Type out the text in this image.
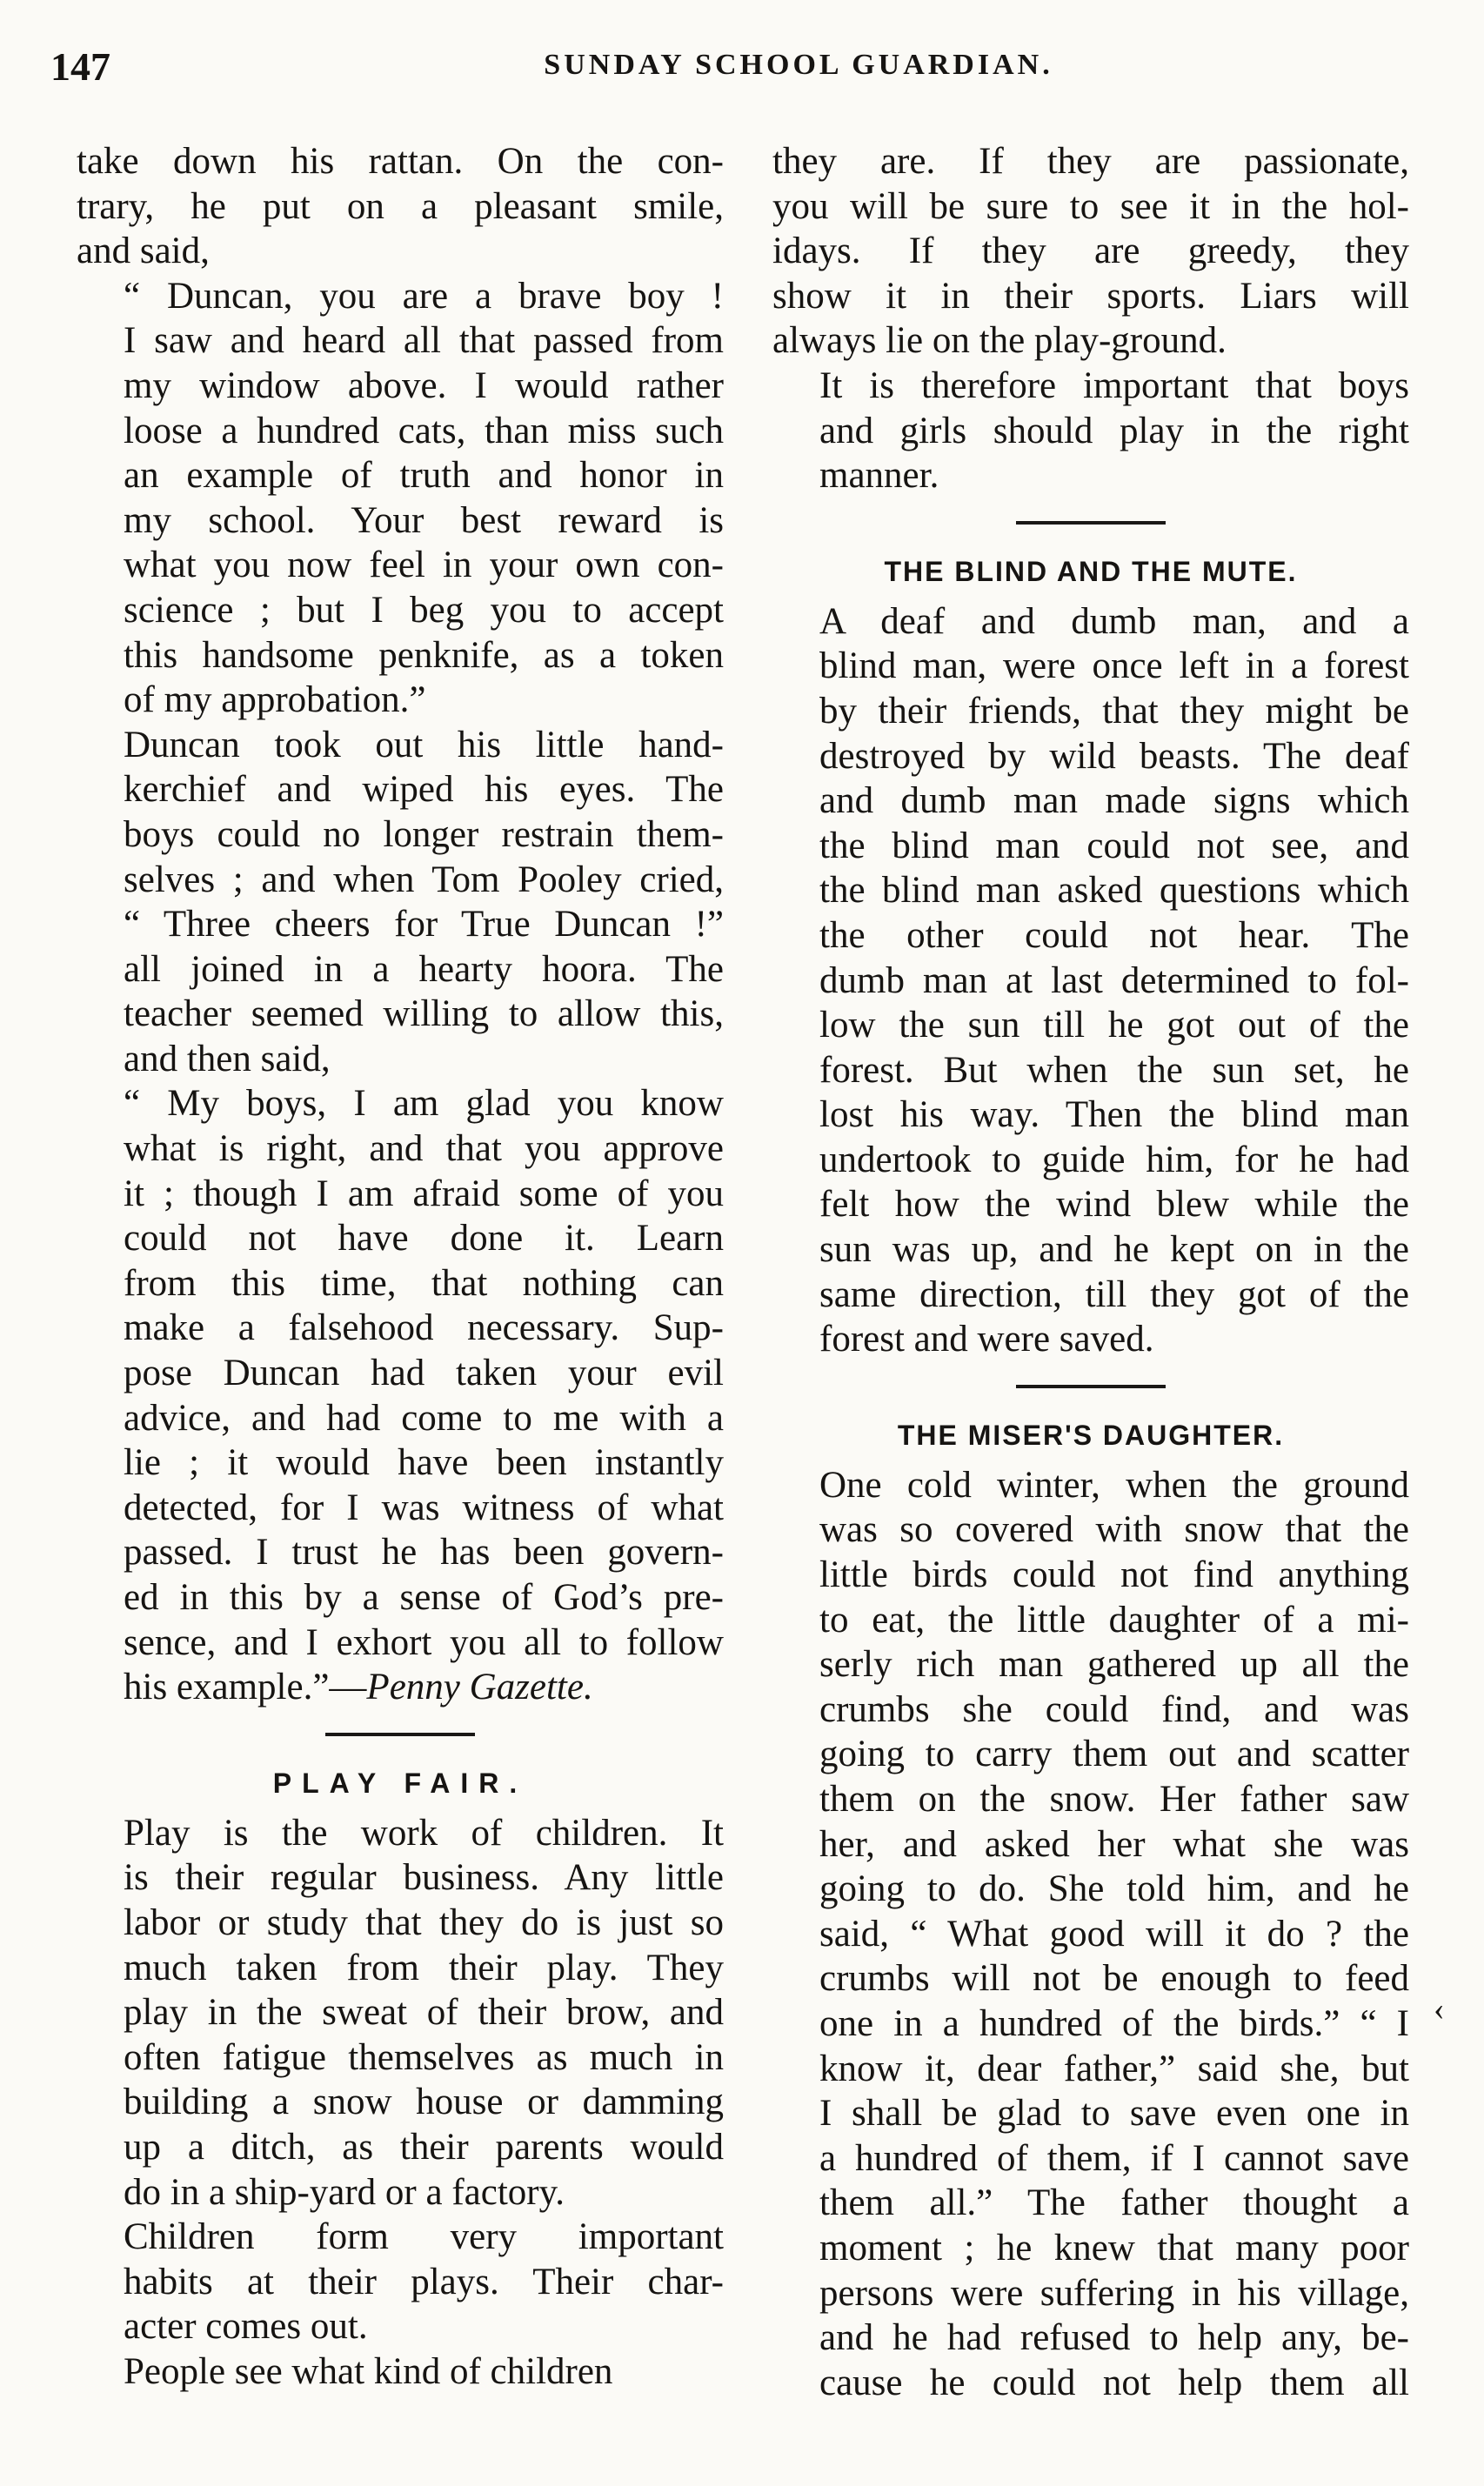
147	SUNDAY SCHOOL GUARDIAN.
take down his rattan. On the con-
trary, he put on a pleasant smile,
and said,
“ Duncan, you are a brave boy !
I saw and heard all that passed from
my window above. I would rather
loose a hundred cats, than miss such
an example of truth and honor in
my school. Your best reward is
what you now feel in your own con-
science ; but I beg you to accept
this handsome penknife, as a token
of my approbation.”
Duncan took out his little hand-
kerchief and wiped his eyes. The
boys could no longer restrain them-
selves ; and when Tom Pooley cried,
“ Three cheers for True Duncan !”
all joined in a hearty hoora. The
teacher seemed willing to allow this,
and then said,
“ My boys, I am glad you know
what is right, and that you approve
it ; though I am afraid some of you
could not have done it. Learn
from this time, that nothing can
make a falsehood necessary. Sup-
pose Duncan had taken your evil
advice, and had come to me with a
lie ; it would have been instantly
detected, for I was witness of what
passed. I trust he has been govern-
ed in this by a sense of God’s pre-
sence, and I exhort you all to follow
his example.”—Penny Gazette.
PLAY FAIR.
Play is the work of children. It
is their regular business. Any little
labor or study that they do is just so
much taken from their play. They
play in the sweat of their brow, and
often fatigue themselves as much in
building a snow house or damming
up a ditch, as their parents would
do in a ship-yard or a factory.
Children form very important
habits at their plays. Their char-
acter comes out.
People see what kind of children
they are. If they are passionate,
you will be sure to see it in the hol-
idays. If they are greedy, they
show it in their sports. Liars will
always lie on the play-ground.
It is therefore important that boys
and girls should play in the right
manner.
THE BLIND AND THE MUTE.
A deaf and dumb man, and a
blind man, were once left in a forest
by their friends, that they might be
destroyed by wild beasts. The deaf
and dumb man made signs which
the blind man could not see, and
the blind man asked questions which
the other could not hear. The
dumb man at last determined to fol-
low the sun till he got out of the
forest. But when the sun set, he
lost his way. Then the blind man
undertook to guide him, for he had
felt how the wind blew while the
sun was up, and he kept on in the
same direction, till they got of the
forest and were saved.
THE MISER'S DAUGHTER.
One cold winter, when the ground
was so covered with snow that the
little birds could not find anything
to eat, the little daughter of a mi-
serly rich man gathered up all the
crumbs she could find, and was
going to carry them out and scatter
them on the snow. Her father saw
her, and asked her what she was
going to do. She told him, and he
said, “ What good will it do ? the
crumbs will not be enough to feed
one in a hundred of the birds.” “ I
know it, dear father,” said she, but
I shall be glad to save even one in
a hundred of them, if I cannot save
them all.” The father thought a
moment ; he knew that many poor
persons were suffering in his village,
and he had refused to help any, be-
cause he could not help them all
‹
